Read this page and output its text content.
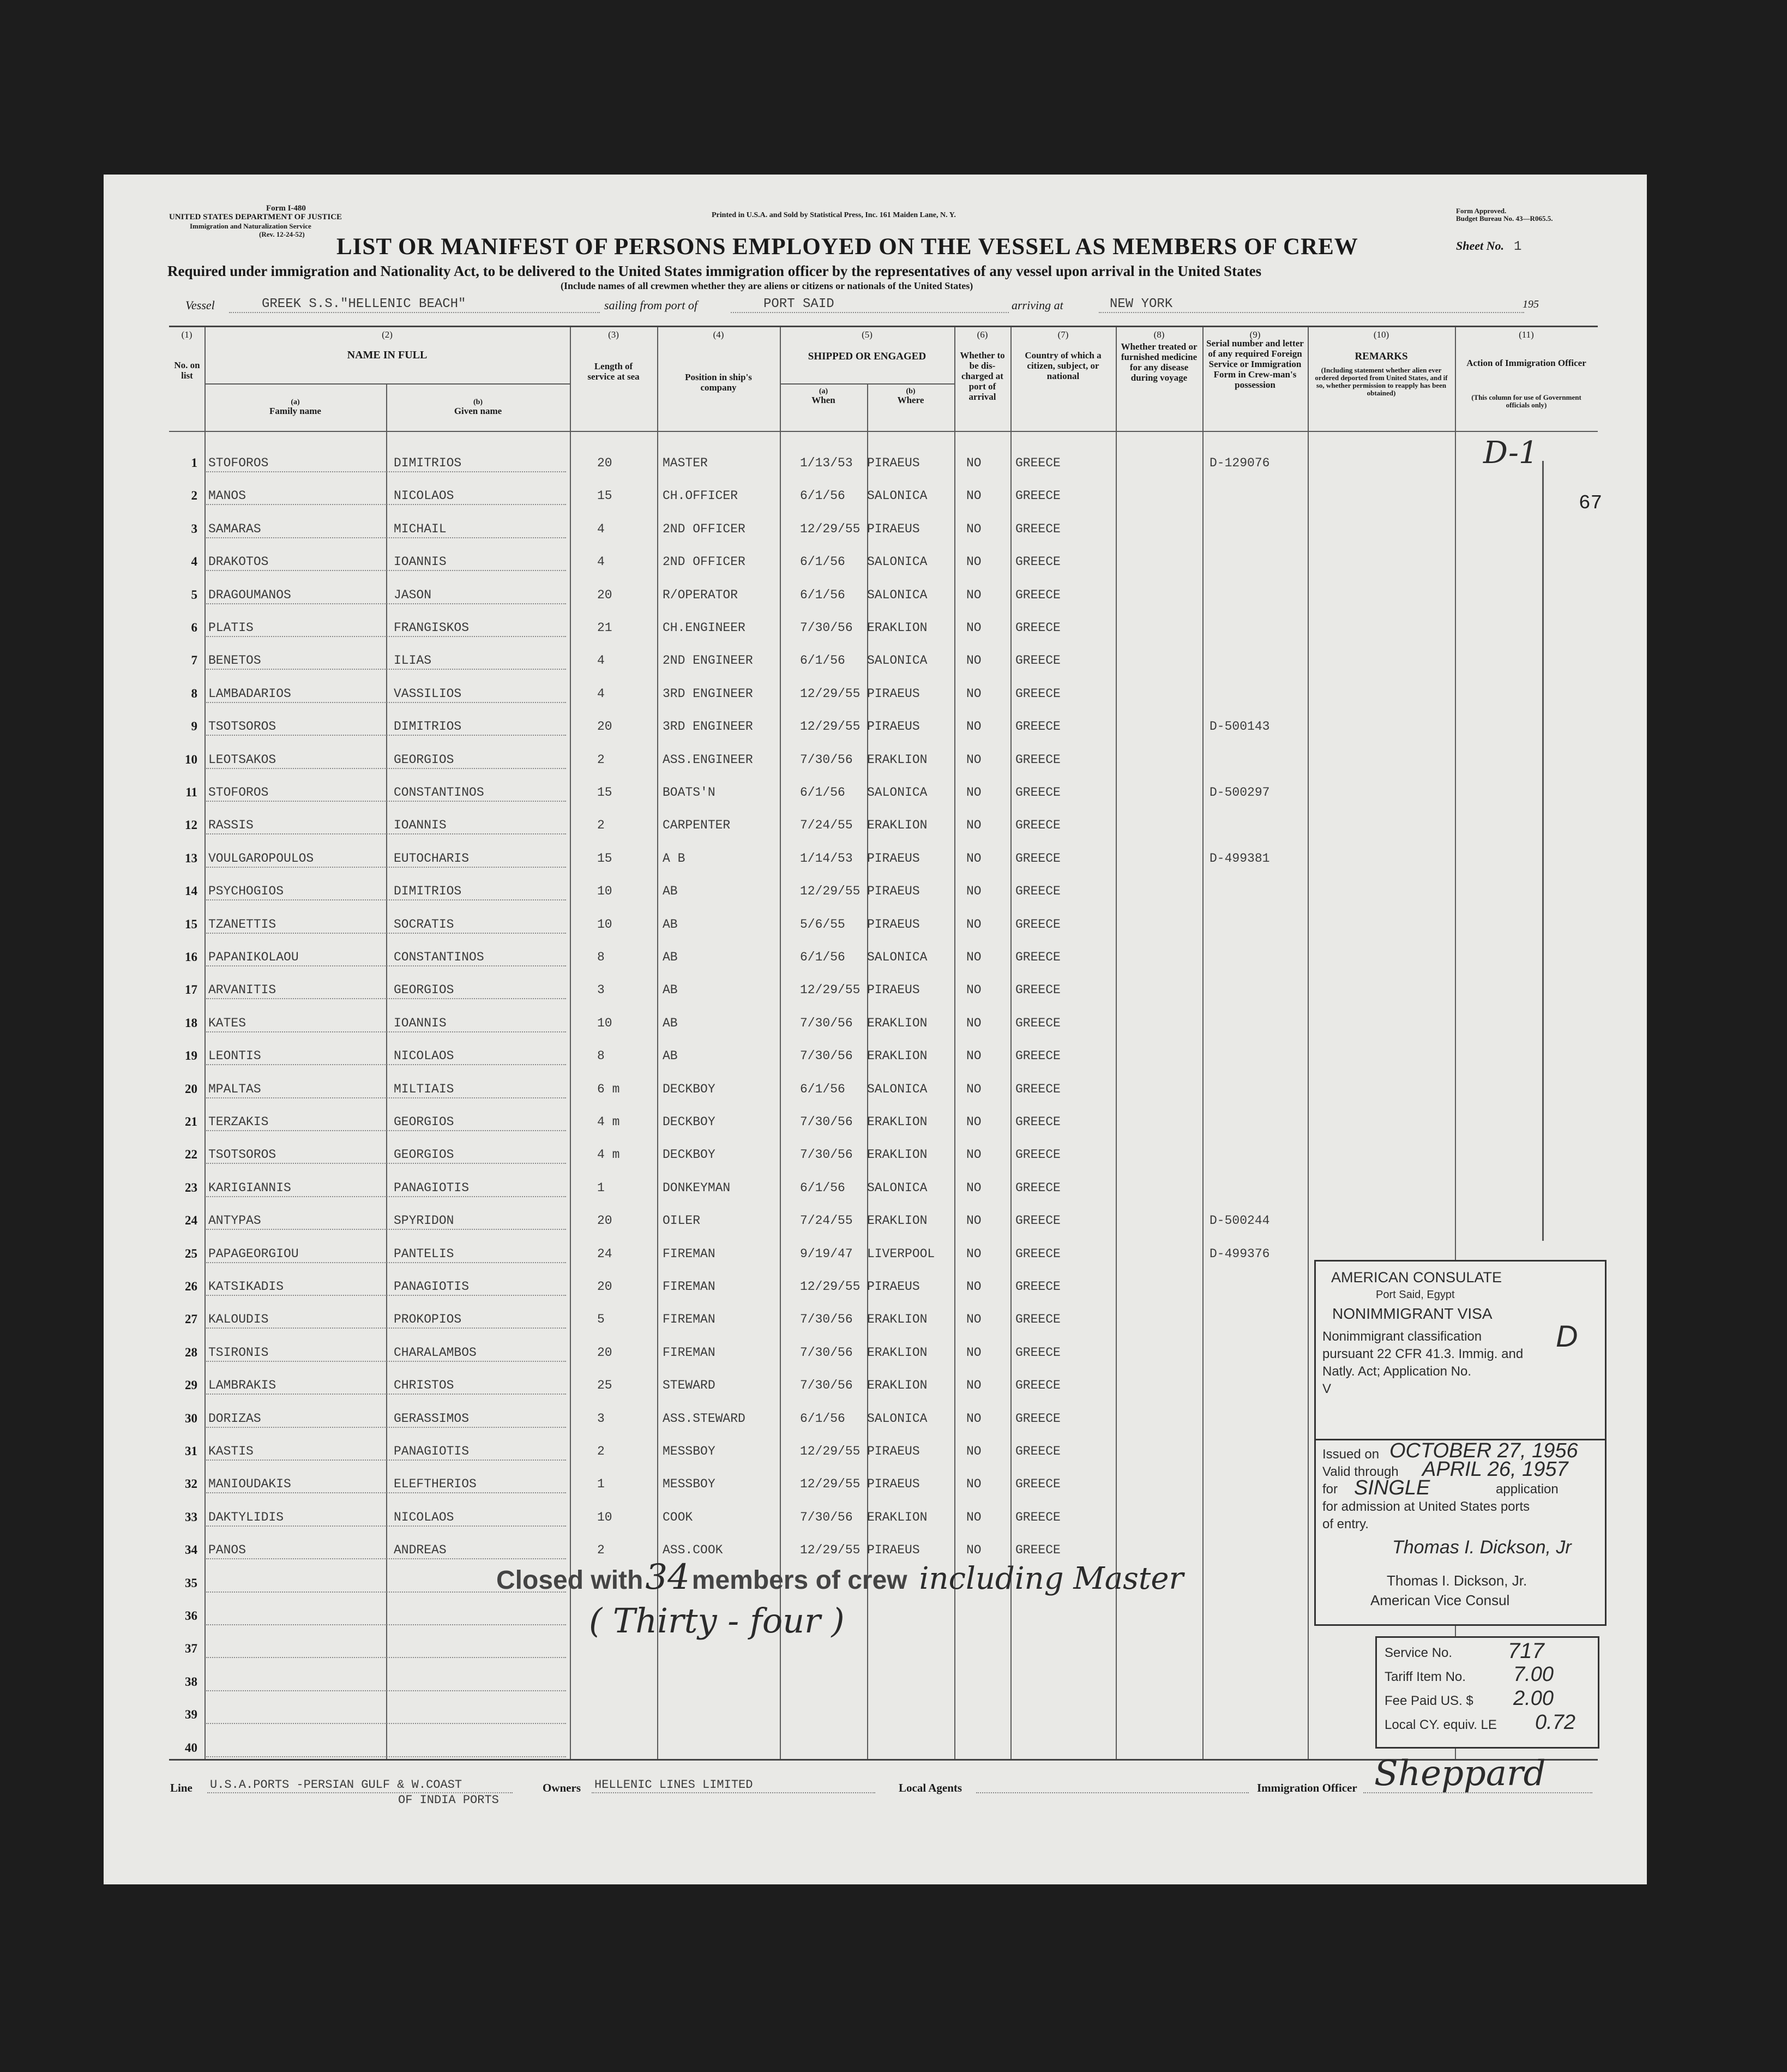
Form I-480
UNITED STATES DEPARTMENT OF JUSTICE
Immigration and Naturalization Service
(Rev. 12-24-52)
Printed in U.S.A. and Sold by Statistical Press, Inc. 161 Maiden Lane, N. Y.
Form Approved.
Budget Bureau No. 43—R065.5.
LIST OR MANIFEST OF PERSONS EMPLOYED ON THE VESSEL AS MEMBERS OF CREW	Sheet No. 1
Required under immigration and Nationality Act, to be delivered to the United States immigration officer by the representatives of any vessel upon arrival in the United States
(Include names of all crewmen whether they are aliens or citizens or nationals of the United States)
Vessel	GREEK S.S."HELLENIC BEACH"	sailing from port of	PORT SAID	arriving at	NEW YORK	195
(1)	(2)	(3)	(4)	(5)	(6)	(7)	(8)	(9)	(10)	(11)
No. on list
NAME IN FULL
(a)
Family name
(b)
Given name
Length of service at sea	Position in ship's company
SHIPPED OR ENGAGED
(a)
When
(b)
Where
Whether to be dis-charged at port of arrival
Country of which a citizen, subject, or national
Whether treated or furnished medicine for any disease during voyage
Serial number and letter of any required Foreign Service or Immigration Form in Crew-man's possession
REMARKS
(Including statement whether alien ever ordered deported from United States, and if so, whether permission to reapply has been obtained)
Action of Immigration Officer
(This column for use of Government officials only)
1 STOFOROS	DIMITRIOS	20	MASTER	1/13/53 PIRAEUS	NO	GREECE	D-129076
2 MANOS	NICOLAOS	15	CH.OFFICER	6/1/56 SALONICA	NO	GREECE
3 SAMARAS	MICHAIL	4	2ND OFFICER	12/29/55 PIRAEUS	NO	GREECE
4 DRAKOTOS	IOANNIS	4	2ND OFFICER	6/1/56 SALONICA	NO	GREECE
5 DRAGOUMANOS	JASON	20	R/OPERATOR	6/1/56 SALONICA	NO	GREECE
6 PLATIS	FRANGISKOS	21	CH.ENGINEER	7/30/56 ERAKLION	NO	GREECE
7 BENETOS	ILIAS	4	2ND ENGINEER	6/1/56 SALONICA	NO	GREECE
8 LAMBADARIOS	VASSILIOS	4	3RD ENGINEER	12/29/55 PIRAEUS	NO	GREECE
9 TSOTSOROS	DIMITRIOS	20	3RD ENGINEER	12/29/55 PIRAEUS	NO	GREECE	D-500143
10 LEOTSAKOS	GEORGIOS	2	ASS.ENGINEER	7/30/56 ERAKLION	NO	GREECE
11 STOFOROS	CONSTANTINOS	15	BOATS'N	6/1/56 SALONICA	NO	GREECE	D-500297
12 RASSIS	IOANNIS	2	CARPENTER	7/24/55 ERAKLION	NO	GREECE
13 VOULGAROPOULOS	EUTOCHARIS	15	A B	1/14/53 PIRAEUS	NO	GREECE	D-499381
14 PSYCHOGIOS	DIMITRIOS	10	AB	12/29/55 PIRAEUS	NO	GREECE
15 TZANETTIS	SOCRATIS	10	AB	5/6/55 PIRAEUS	NO	GREECE
16 PAPANIKOLAOU	CONSTANTINOS	8	AB	6/1/56 SALONICA	NO	GREECE
17 ARVANITIS	GEORGIOS	3	AB	12/29/55 PIRAEUS	NO	GREECE
18 KATES	IOANNIS	10	AB	7/30/56 ERAKLION	NO	GREECE
19 LEONTIS	NICOLAOS	8	AB	7/30/56 ERAKLION	NO	GREECE
20 MPALTAS	MILTIAIS	6 m	DECKBOY	6/1/56 SALONICA	NO	GREECE
21 TERZAKIS	GEORGIOS	4 m	DECKBOY	7/30/56 ERAKLION	NO	GREECE
22 TSOTSOROS	GEORGIOS	4 m	DECKBOY	7/30/56 ERAKLION	NO	GREECE
23 KARIGIANNIS	PANAGIOTIS	1	DONKEYMAN	6/1/56 SALONICA	NO	GREECE
24 ANTYPAS	SPYRIDON	20	OILER	7/24/55 ERAKLION	NO	GREECE	D-500244
25 PAPAGEORGIOU	PANTELIS	24	FIREMAN	9/19/47 LIVERPOOL	NO	GREECE	D-499376
26 KATSIKADIS	PANAGIOTIS	20	FIREMAN	12/29/55 PIRAEUS	NO	GREECE
27 KALOUDIS	PROKOPIOS	5	FIREMAN	7/30/56 ERAKLION	NO	GREECE
28 TSIRONIS	CHARALAMBOS	20	FIREMAN	7/30/56 ERAKLION	NO	GREECE
29 LAMBRAKIS	CHRISTOS	25	STEWARD	7/30/56 ERAKLION	NO	GREECE
30 DORIZAS	GERASSIMOS	3	ASS.STEWARD	6/1/56 SALONICA	NO	GREECE
31 KASTIS	PANAGIOTIS	2	MESSBOY	12/29/55 PIRAEUS	NO	GREECE
32 MANIOUDAKIS	ELEFTHERIOS	1	MESSBOY	12/29/55 PIRAEUS	NO	GREECE
33 DAKTYLIDIS	NICOLAOS	10	COOK	7/30/56 ERAKLION	NO	GREECE
34 PANOS	ANDREAS	2	ASS.COOK	12/29/55 PIRAEUS	NO	GREECE
35
36
37
38
39
40
D-1
67
Closed with 34 members of crew including Master
( Thirty - four )
AMERICAN CONSULATE
Port Said, Egypt
NONIMMIGRANT VISA
Nonimmigrant classification D
pursuant 22 CFR 41.3. Immig. and
Natly. Act; Application No.
V
Issued on OCTOBER 27, 1956
Valid through APRIL 26, 1957
for SINGLE	application
for admission at United States ports
of entry.
Thomas I. Dickson, Jr
Thomas I. Dickson, Jr.
American Vice Consul
Service No.	717
Tariff Item No. 7.00
Fee Paid US. $ 2.00
Local CY. equiv. LE 0.72
Line U.S.A.PORTS -PERSIAN GULF & W.COAST
OF INDIA PORTS
Owners HELLENIC LINES LIMITED	Local Agents	Immigration Officer Sheppard
